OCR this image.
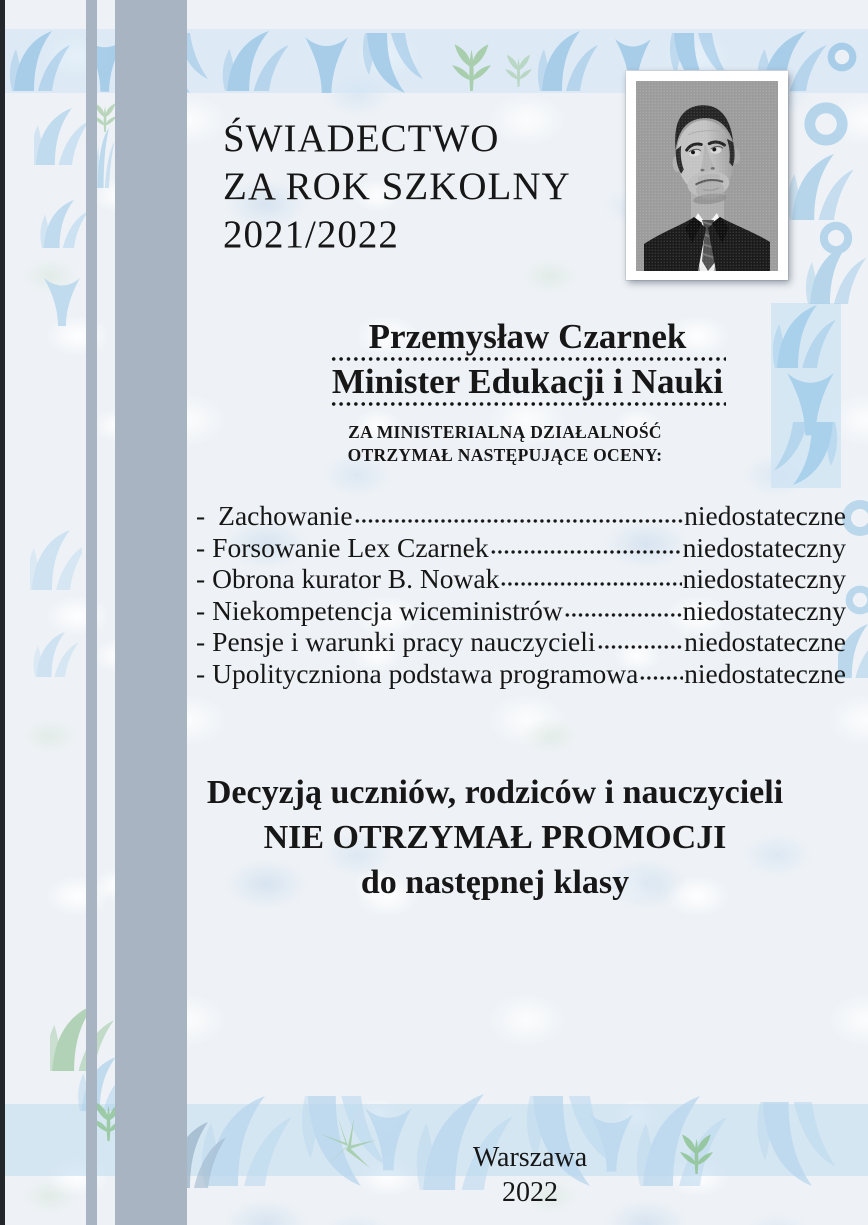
ŚWIADECTWO
ZA ROK SZKOLNY
2021/2022
Przemysław Czarnek
Minister Edukacji i Nauki
ZA MINISTERIALNĄ DZIAŁALNOŚĆ
OTRZYMAŁ NASTĘPUJĄCE OCENY:
- Zachowanie	niedostateczne
- Forsowanie Lex Czarnek	niedostateczny
- Obrona kurator B. Nowak	niedostateczny
- Niekompetencja wiceministrów	niedostateczny
- Pensje i warunki pracy nauczycieli	niedostateczne
- Upolityczniona podstawa programowa niedostateczne
Decyzją uczniów, rodziców i nauczycieli
NIE OTRZYMAŁ PROMOCJI
do następnej klasy
Warszawa
2022
